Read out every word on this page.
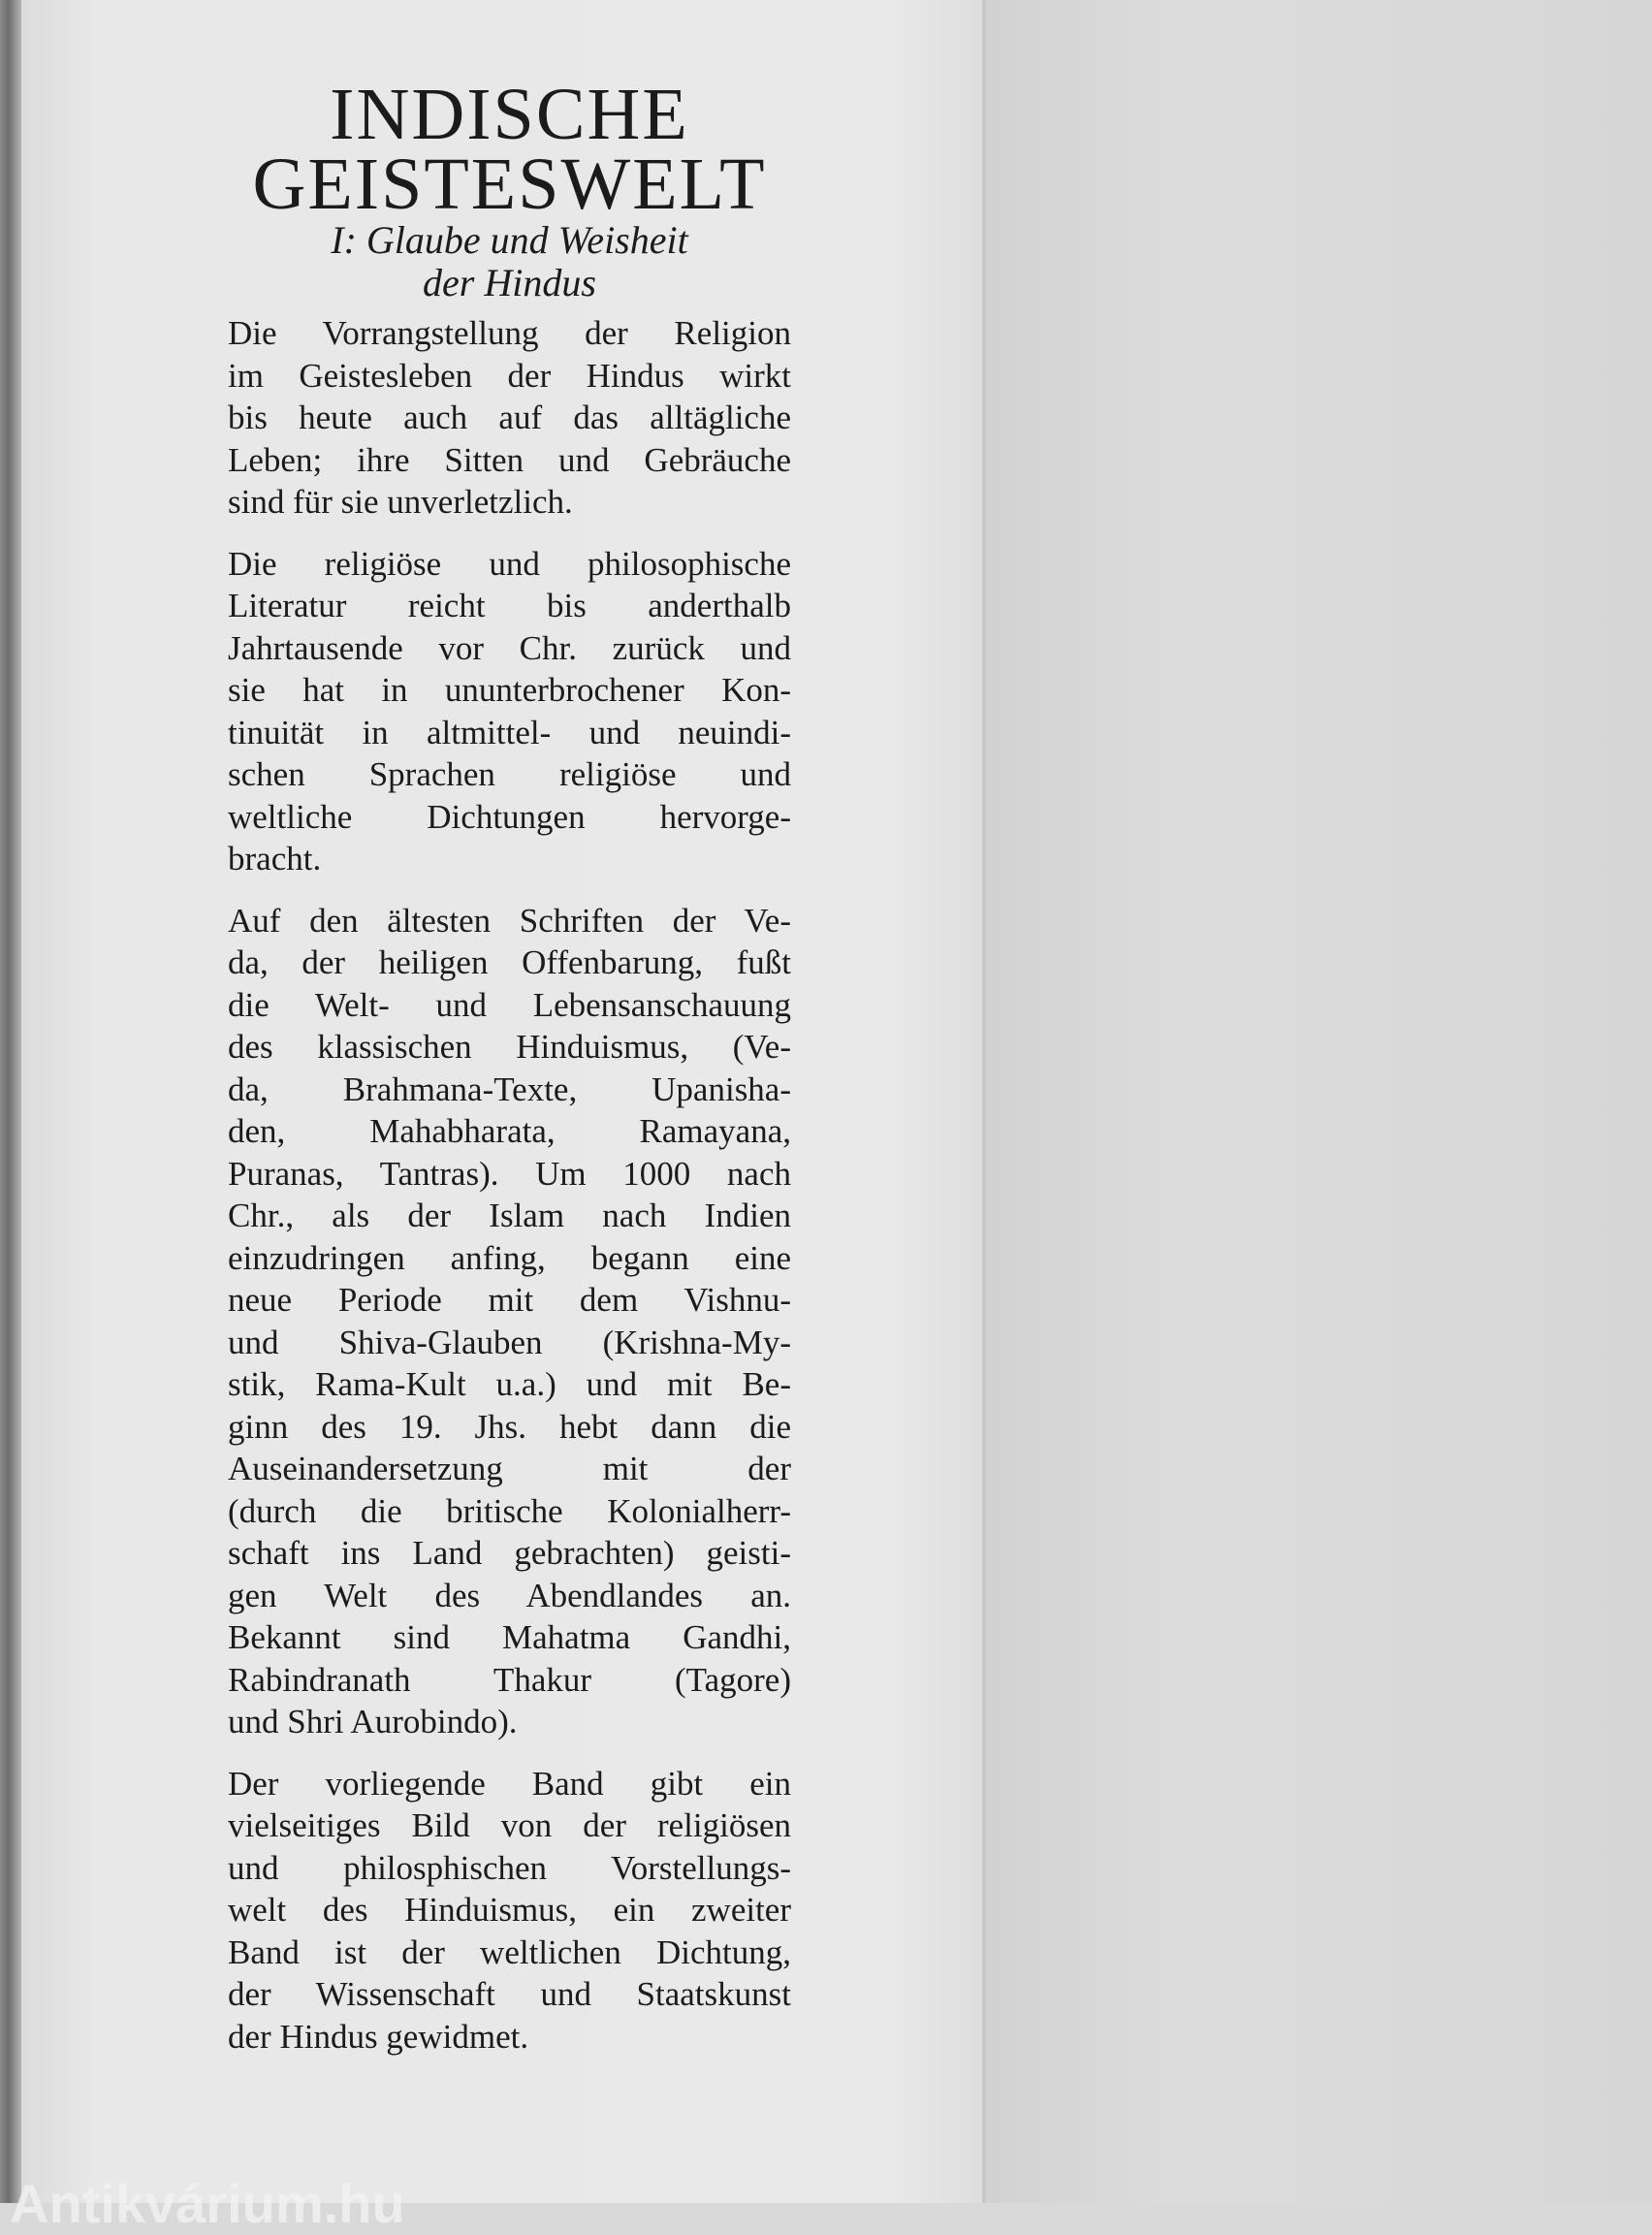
INDISCHE
GEISTESWELT
I: Glaube und Weisheit
der Hindus
Die Vorrangstellung der Religion
im Geistesleben der Hindus wirkt
bis heute auch auf das alltägliche
Leben; ihre Sitten und Gebräuche
sind für sie unverletzlich.
Die religiöse und philosophische
Literatur reicht bis anderthalb
Jahrtausende vor Chr. zurück und
sie hat in ununterbrochener Kon-
tinuität in altmittel- und neuindi-
schen Sprachen religiöse und
weltliche Dichtungen hervorge-
bracht.
Auf den ältesten Schriften der Ve-
da, der heiligen Offenbarung, fußt
die Welt- und Lebensanschauung
des klassischen Hinduismus, (Ve-
da, Brahmana-Texte, Upanisha-
den, Mahabharata, Ramayana,
Puranas, Tantras). Um 1000 nach
Chr., als der Islam nach Indien
einzudringen anfing, begann eine
neue Periode mit dem Vishnu-
und Shiva-Glauben (Krishna-My-
stik, Rama-Kult u.a.) und mit Be-
ginn des 19. Jhs. hebt dann die
Auseinandersetzung mit der
(durch die britische Kolonialherr-
schaft ins Land gebrachten) geisti-
gen Welt des Abendlandes an.
Bekannt sind Mahatma Gandhi,
Rabindranath Thakur (Tagore)
und Shri Aurobindo).
Der vorliegende Band gibt ein
vielseitiges Bild von der religiösen
und philosphischen Vorstellungs-
welt des Hinduismus, ein zweiter
Band ist der weltlichen Dichtung,
der Wissenschaft und Staatskunst
der Hindus gewidmet.
Antikvárium.hu
